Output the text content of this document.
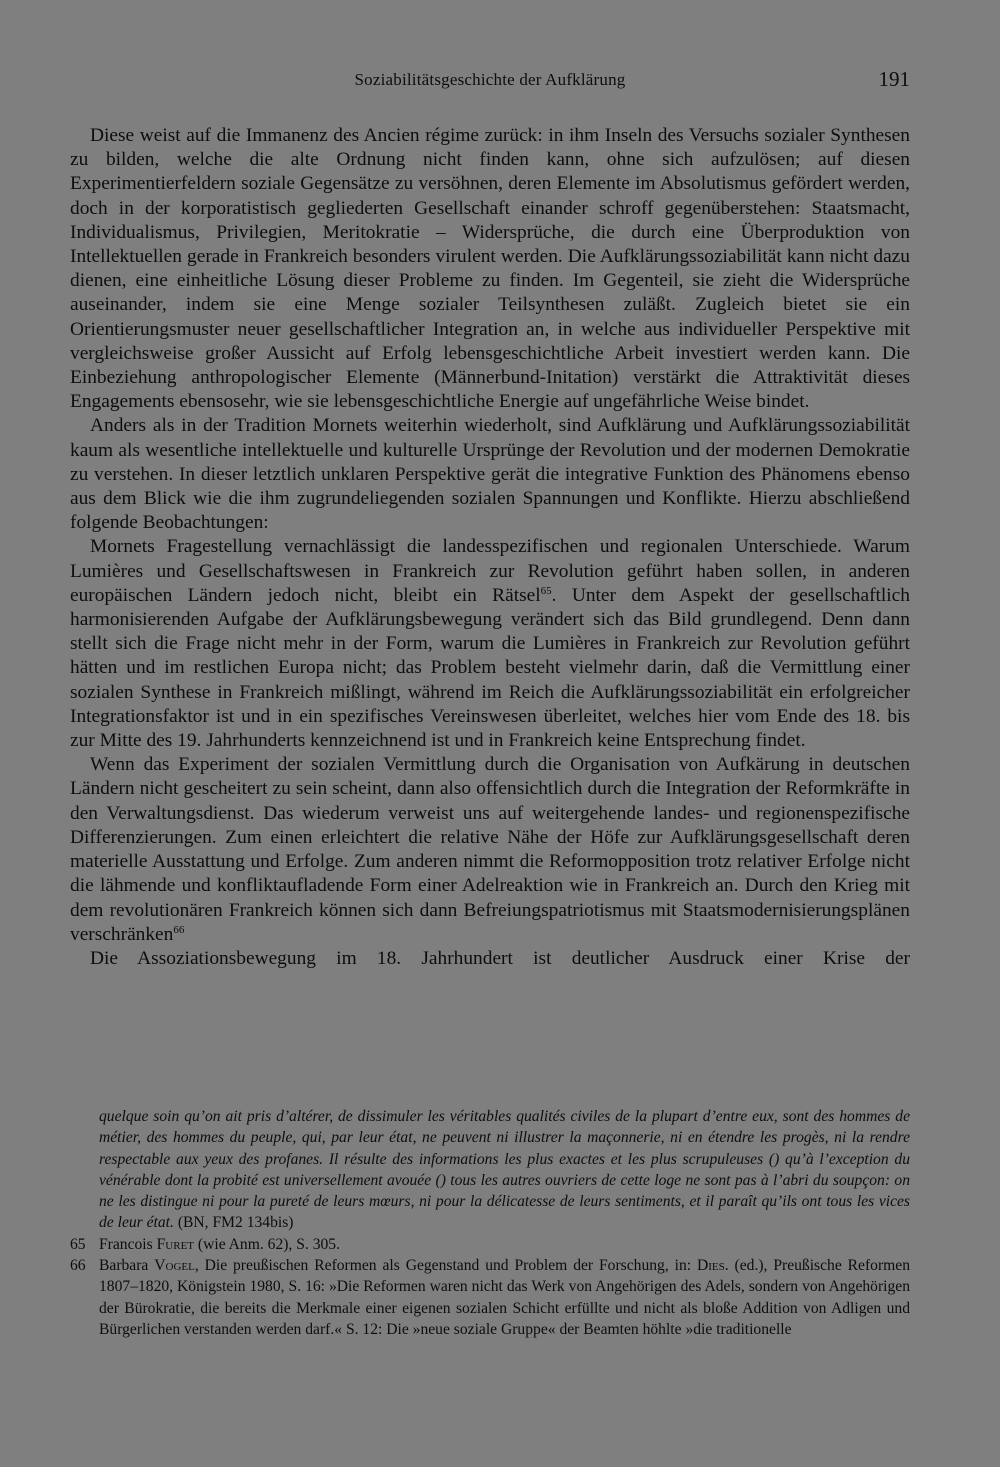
Soziabilitätsgeschichte der Aufklärung	191

Diese weist auf die Immanenz des Ancien régime zurück: in ihm Inseln des Versuchs sozialer Synthesen zu bilden, welche die alte Ordnung nicht finden kann, ohne sich aufzulösen; auf diesen Experimentierfeldern soziale Gegensätze zu versöhnen, deren Elemente im Absolutismus gefördert werden, doch in der korporatistisch gegliederten Gesellschaft einander schroff gegenüberstehen: Staatsmacht, Individualismus, Privilegien, Meritokratie – Widersprüche, die durch eine Überproduktion von Intellektuellen gerade in Frankreich besonders virulent werden. Die Aufklärungssoziabilität kann nicht dazu dienen, eine einheitliche Lösung dieser Probleme zu finden. Im Gegenteil, sie zieht die Widersprüche auseinander, indem sie eine Menge sozialer Teilsynthesen zuläßt. Zugleich bietet sie ein Orientierungsmuster neuer gesellschaftlicher Integration an, in welche aus individueller Perspektive mit vergleichsweise großer Aussicht auf Erfolg lebensgeschichtliche Arbeit investiert werden kann. Die Einbeziehung anthropologischer Elemente (Männerbund-Initation) verstärkt die Attraktivität dieses Engagements ebensosehr, wie sie lebensgeschichtliche Energie auf ungefährliche Weise bindet.

Anders als in der Tradition Mornets weiterhin wiederholt, sind Aufklärung und Aufklärungssoziabilität kaum als wesentliche intellektuelle und kulturelle Ursprünge der Revolution und der modernen Demokratie zu verstehen. In dieser letztlich unklaren Perspektive gerät die integrative Funktion des Phänomens ebenso aus dem Blick wie die ihm zugrundeliegenden sozialen Spannungen und Konflikte. Hierzu abschließend folgende Beobachtungen:

Mornets Fragestellung vernachlässigt die landesspezifischen und regionalen Unterschiede. Warum Lumières und Gesellschaftswesen in Frankreich zur Revolution geführt haben sollen, in anderen europäischen Ländern jedoch nicht, bleibt ein Rätsel$^{65}$. Unter dem Aspekt der gesellschaftlich harmonisierenden Aufgabe der Aufklärungsbewegung verändert sich das Bild grundlegend. Denn dann stellt sich die Frage nicht mehr in der Form, warum die Lumières in Frankreich zur Revolution geführt hätten und im restlichen Europa nicht; das Problem besteht vielmehr darin, daß die Vermittlung einer sozialen Synthese in Frankreich mißlingt, während im Reich die Aufklärungssoziabilität ein erfolgreicher Integrationsfaktor ist und in ein spezifisches Vereinswesen überleitet, welches hier vom Ende des 18. bis zur Mitte des 19. Jahrhunderts kennzeichnend ist und in Frankreich keine Entsprechung findet.

Wenn das Experiment der sozialen Vermittlung durch die Organisation von Aufkärung in deutschen Ländern nicht gescheitert zu sein scheint, dann also offensichtlich durch die Integration der Reformkräfte in den Verwaltungsdienst. Das wiederum verweist uns auf weitergehende landes- und regionenspezifische Differenzierungen. Zum einen erleichtert die relative Nähe der Höfe zur Aufklärungsgesellschaft deren materielle Ausstattung und Erfolge. Zum anderen nimmt die Reformopposition trotz relativer Erfolge nicht die lähmende und konfliktaufladende Form einer Adelreaktion wie in Frankreich an. Durch den Krieg mit dem revolutionären Frankreich können sich dann Befreiungspatriotismus mit Staatsmodernisierungsplänen verschränken$^{66}$

Die Assoziationsbewegung im 18. Jahrhundert ist deutlicher Ausdruck einer Krise der

quelque soin qu’on ait pris d’altérer, de dissimuler les véritables qualités civiles de la plupart d’entre eux, sont des hommes de métier, des hommes du peuple, qui, par leur état, ne peuvent ni illustrer la maçonnerie, ni en étendre les progès, ni la rendre respectable aux yeux des profanes. Il résulte des informations les plus exactes et les plus scrupuleuses () qu’à l’exception du vénérable dont la probité est universellement avouée () tous les autres ouvriers de cette loge ne sont pas à l’abri du soupçon: on ne les distingue ni pour la pureté de leurs mœurs, ni pour la délicatesse de leurs sentiments, et il paraît qu’ils ont tous les vices de leur état. (BN, FM2 134bis)

65 Francois Furet (wie Anm. 62), S. 305.

66 Barbara Vogel, Die preußischen Reformen als Gegenstand und Problem der Forschung, in: Dies. (ed.), Preußische Reformen 1807–1820, Königstein 1980, S. 16: »Die Reformen waren nicht das Werk von Angehörigen des Adels, sondern von Angehörigen der Bürokratie, die bereits die Merkmale einer eigenen sozialen Schicht erfüllte und nicht als bloße Addition von Adligen und Bürgerlichen verstanden werden darf.« S. 12: Die »neue soziale Gruppe« der Beamten höhlte »die traditionelle
